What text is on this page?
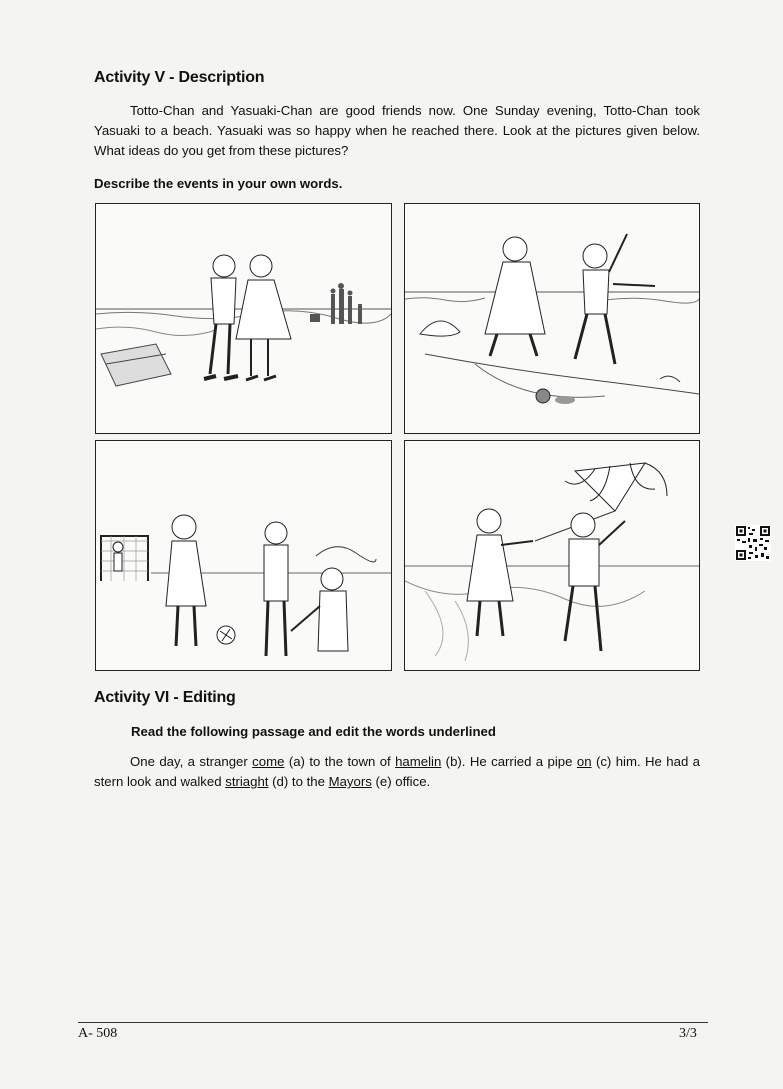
Activity V - Description
Totto-Chan and Yasuaki-Chan are good friends now. One Sunday evening, Totto-Chan took Yasuaki to a beach. Yasuaki was so happy when he reached there. Look at the pictures given below. What ideas do you get from these pictures?
Describe the events in your own words.
Activity VI - Editing
Read the following passage and edit the words underlined
One day, a stranger come (a) to the town of hamelin (b). He carried a pipe on (c) him. He had a stern look and walked striaght (d) to the Mayors (e) office.
A- 508	3/3
